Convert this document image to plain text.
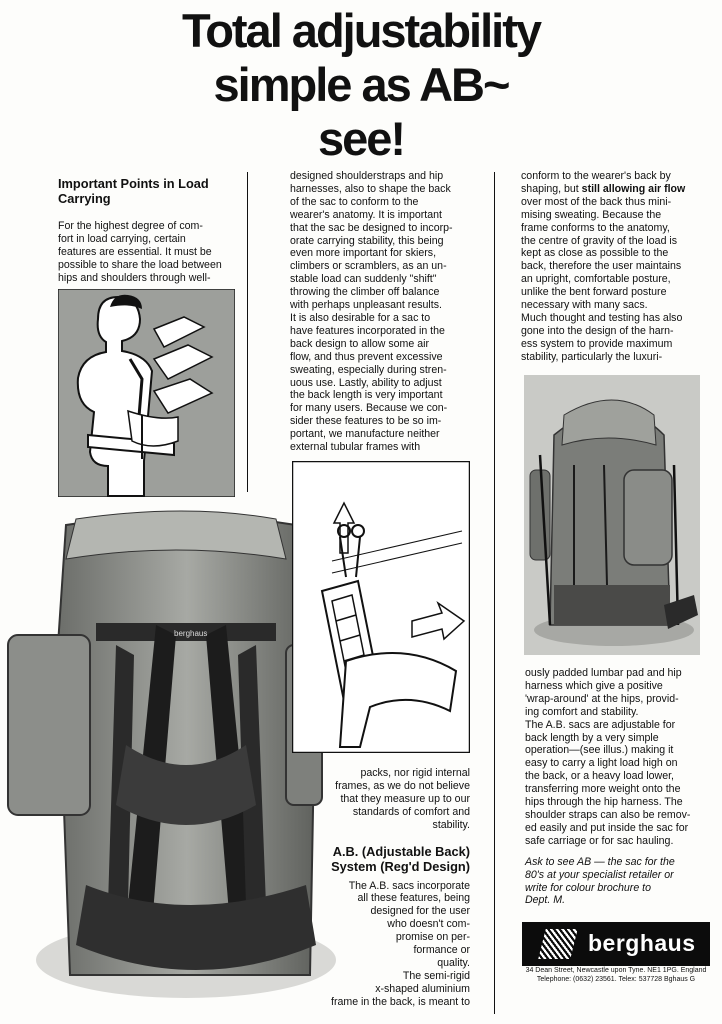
Total adjustability
simple as AB~
see!

Important Points in Load Carrying

For the highest degree of com-

fort in load carrying, certain

features are essential. It must be

possible to share the load between

hips and shoulders through well-

berghaus

designed shoulderstraps and hip

harnesses, also to shape the back

of the sac to conform to the

wearer's anatomy. It is important

that the sac be designed to incorp-

orate carrying stability, this being

even more important for skiers,

climbers or scramblers, as an un-

stable load can suddenly "shift"

throwing the climber off balance

with perhaps unpleasant results.

It is also desirable for a sac to

have features incorporated in the

back design to allow some air

flow, and thus prevent excessive

sweating, especially during stren-

uous use. Lastly, ability to adjust

the back length is very important

for many users. Because we con-

sider these features to be so im-

portant, we manufacture neither

external tubular frames with

packs, nor rigid internal

frames, as we do not believe

that they measure up to our

standards of comfort and

stability.

A.B. (Adjustable Back)

System (Reg'd Design)

The A.B. sacs incorporate

all these features, being

designed for the user

who doesn't com-

promise on per-

formance or

quality.

The semi-rigid

x-shaped aluminium

frame in the back, is meant to

conform to the wearer's back by

shaping, but still allowing air flow

over most of the back thus mini-

mising sweating. Because the

frame conforms to the anatomy,

the centre of gravity of the load is

kept as close as possible to the

back, therefore the user maintains

an upright, comfortable posture,

unlike the bent forward posture

necessary with many sacs.

Much thought and testing has also

gone into the design of the harn-

ess system to provide maximum

stability, particularly the luxuri-

ously padded lumbar pad and hip

harness which give a positive

'wrap-around' at the hips, provid-

ing comfort and stability.

The A.B. sacs are adjustable for

back length by a very simple

operation—(see illus.) making it

easy to carry a light load high on

the back, or a heavy load lower,

transferring more weight onto the

hips through the hip harness. The

shoulder straps can also be remov-

ed easily and put inside the sac for

safe carriage or for sac hauling.

Ask to see AB — the sac for the

80's at your specialist retailer or

write for colour brochure to

Dept. M.

berghaus
34 Dean Street, Newcastle upon Tyne. NE1 1PG. England
Telephone: (0632) 23561. Telex: 537728 Bghaus G
